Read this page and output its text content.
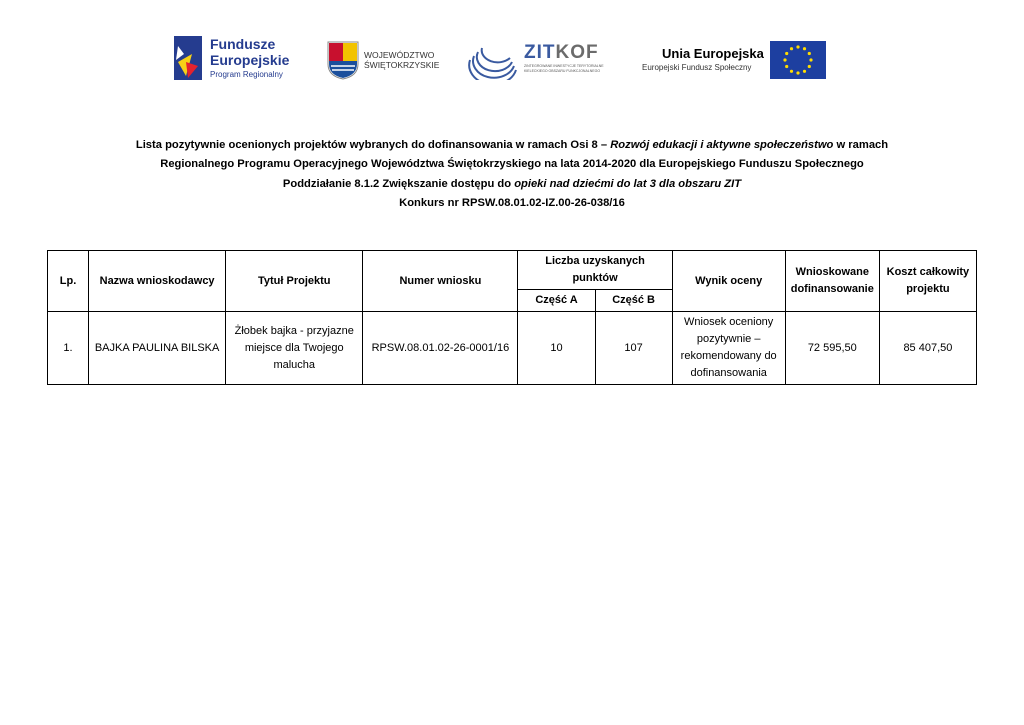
Fundusze
Europejskie
Program Regionalny
WOJEWÓDZTWO
ŚWIĘTOKRZYSKIE
ZITKOF
ZINTEGROWANE INWESTYCJE TERYTORIALNE
KIELECKIEGO OBSZARU FUNKCJONALNEGO
Unia Europejska
Europejski Fundusz Społeczny
Lista pozytywnie ocenionych projektów wybranych do dofinansowania w ramach Osi 8 – Rozwój edukacji i aktywne społeczeństwo w ramach
Regionalnego Programu Operacyjnego Województwa Świętokrzyskiego na lata 2014-2020 dla Europejskiego Funduszu Społecznego
Poddziałanie 8.1.2 Zwiększanie dostępu do opieki nad dziećmi do lat 3 dla obszaru ZIT
Konkurs nr RPSW.08.01.02-IZ.00-26-038/16
Lp.	Nazwa wnioskodawcy	Tytuł Projektu	Numer wniosku	Liczba uzyskanych punktów		Wynik oceny	Wnioskowane dofinansowanie	Koszt całkowity projektu
				Część A	Część B			
1.	BAJKA PAULINA BILSKA	Żłobek bajka - przyjazne miejsce dla Twojego malucha	RPSW.08.01.02-26-0001/16	10	107	Wniosek oceniony pozytywnie – rekomendowany do dofinansowania	72 595,50	85 407,50
